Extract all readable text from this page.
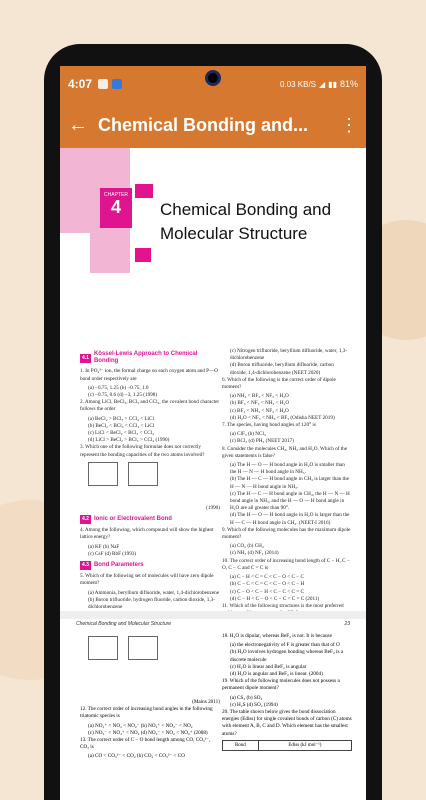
4:07	0.03 KB/S ◢ ▮▮ 81%
← Chemical Bonding and...	⋮
CHAPTER
4	Chemical Bonding and Molecular Structure
4.1
Kössel-Lewis Approach to Chemical Bonding
1. In PO₄³⁻ ion, the formal charge on each oxygen atom and P—O bond order respectively are
(a) −0.75, 1.25 (b) −0.75, 1.0
(c) −0.75, 0.6 (d) −3, 1.25 (1998)
2. Among LiCl, BeCl₂, BCl₃ and CCl₄, the covalent bond character follows the order
(a) BeCl₂ > BCl₃ > CCl₄ < LiCl
(b) BeCl₂ < BCl₃ < CCl₄ < LiCl
(c) LiCl < BeCl₂ < BCl₃ < CCl₄
(d) LiCl > BeCl₂ > BCl₃ > CCl₄ (1990)
3. Which one of the following formulae does not correctly represent the bonding capacities of the two atoms involved?
(1990)
4.2 Ionic or Electrovalent Bond
4. Among the following, which compound will show the highest lattice energy?
(a) KF (b) NaF
(c) CsF (d) RbF (1993)
4.3 Bond Parameters
5. Which of the following set of molecules will have zero dipole moment?
(a) Ammonia, beryllium difluoride, water, 1,4-dichlorobenzene
(b) Boron trifluoride, hydrogen fluoride, carbon dioxide, 1,3-dichlorobenzene
(c) Nitrogen trifluoride, beryllium difluoride, water, 1,3-dichlorobenzene
(d) Boron trifluoride, beryllium difluoride, carbon dioxide, 1,4-dichlorobenzene (NEET 2020)
6. Which of the following is the correct order of dipole moment?
(a) NH₃ < BF₃ < NF₃ < H₂O
(b) BF₃ < NF₃ < NH₃ < H₂O
(c) BF₃ < NH₃ < NF₃ < H₂O
(d) H₂O < NF₃ < NH₃ < BF₃ (Odisha NEET 2019)
7. The species, having bond angles of 120° is
(a) ClF₃ (b) NCl₃
(c) BCl₃ (d) PH₃ (NEET 2017)
8. Consider the molecules CH₄, NH₃ and H₂O. Which of the given statements is false?
(a) The H — O — H bond angle in H₂O is smaller than the H — N — H bond angle in NH₃.
(b) The H — C — H bond angle in CH₄ is larger than the H — N — H bond angle in NH₃.
(c) The H — C — H bond angle in CH₄, the H — N — H bond angle in NH₃, and the H — O — H bond angle in H₂O are all greater than 90°.
(d) The H — O — H bond angle in H₂O is larger than the H — C — H bond angle in CH₄. (NEET-I 2016)
9. Which of the following molecules has the maximum dipole moment?
(a) CO₂ (b) CH₄
(c) NH₃ (d) NF₃ (2014)
10. The correct order of increasing bond length of C − H, C − O, C − C and C = C is
(a) C − H < C = C < C − O < C − C
(b) C − C < C = C < C − O < C − H
(c) C − O < C − H < C − C < C = C
(d) C − H < C − O < C − C < C = C (2011)
11. Which of the following structures is the most preferred
Chemical Bonding and Molecular Structure	23
(Mains 2011)
12. The correct order of increasing bond angles in the following triatomic species is
(a) NO₂⁺ < NO₂ < NO₂⁻ (b) NO₂⁺ < NO₂⁻ < NO₂
(c) NO₂⁻ < NO₂⁺ < NO₂ (d) NO₂⁻ < NO₂ < NO₂⁺ (2008)
13. The correct order of C − O bond length among CO, CO₃²⁻, CO₂ is
(a) CO < CO₃²⁻ < CO₂ (b) CO₂ < CO₃²⁻ < CO
18. H₂O is dipolar, whereas BeF₂ is not. It is because
(a) the electronegativity of F is greater than that of O
(b) H₂O involves hydrogen bonding whereas BeF₂ is a discrete molecule
(c) H₂O is linear and BeF₂ is angular
(d) H₂O is angular and BeF₂ is linear. (2004)
19. Which of the following molecules does not possess a permanent dipole moment?
(a) CS₂ (b) SO₃
(c) H₂S (d) SO₂ (1994)
20. The table shown below gives the bond dissociation energies (Ediss) for single covalent bonds of carbon (C) atoms with element A, B, C and D. Which element has the smallest atoms?
Bond	Ediss (kJ mol⁻¹)
